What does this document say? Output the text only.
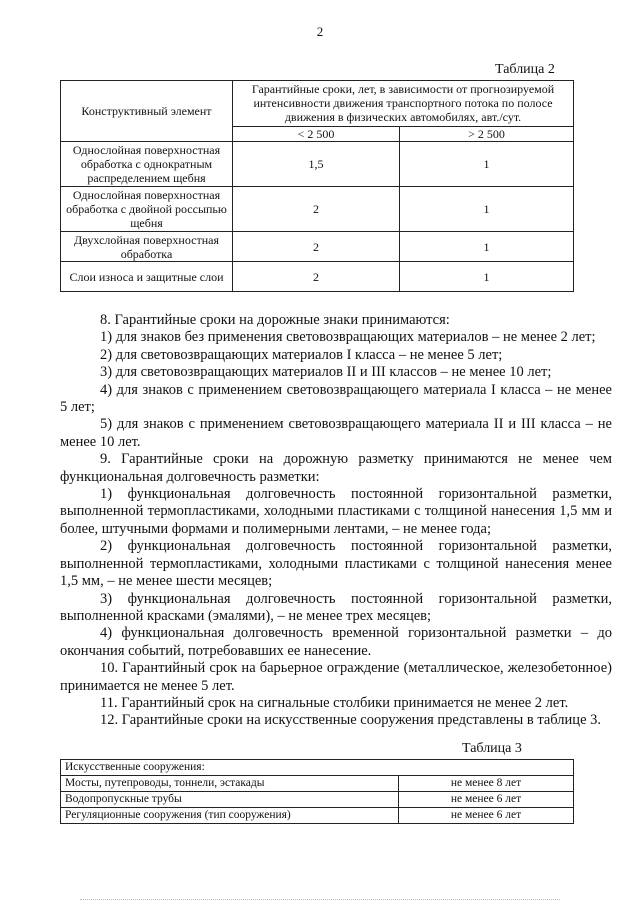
2
Таблица 2
Конструктивный элемент	Гарантийные сроки, лет, в зависимости от прогнозируемой интенсивности движения транспортного потока по полосе движения в физических автомобилях, авт./сут.	
	< 2 500	> 2 500
Однослойная поверхностная обработка с однократным распределением щебня	1,5	1
Однослойная поверхностная обработка с двойной россыпью щебня	2	1
Двухслойная поверхностная обработка	2	1
Слои износа и защитные слои	2	1

8. Гарантийные сроки на дорожные знаки принимаются:

1) для знаков без применения световозвращающих материалов – не менее 2 лет;

2) для световозвращающих материалов I класса – не менее 5 лет;

3) для световозвращающих материалов II и III классов – не менее 10 лет;

4) для знаков с применением световозвращающего материала I класса – не менее 5 лет;

5) для знаков с применением световозвращающего материала II и III класса – не менее 10 лет.

9. Гарантийные сроки на дорожную разметку принимаются не менее чем функциональная долговечность разметки:

1) функциональная долговечность постоянной горизонтальной разметки, выполненной термопластиками, холодными пластиками с толщиной нанесения 1,5 мм и более, штучными формами и полимерными лентами, – не менее года;

2) функциональная долговечность постоянной горизонтальной разметки, выполненной термопластиками, холодными пластиками с толщиной нанесения менее 1,5 мм, – не менее шести месяцев;

3) функциональная долговечность постоянной горизонтальной разметки, выполненной красками (эмалями), – не менее трех месяцев;

4) функциональная долговечность временной горизонтальной разметки – до окончания событий, потребовавших ее нанесение.

10. Гарантийный срок на барьерное ограждение (металлическое, железобетонное) принимается не менее 5 лет.

11. Гарантийный срок на сигнальные столбики принимается не менее 2 лет.

12. Гарантийные сроки на искусственные сооружения представлены в таблице 3.

Таблица 3
Искусственные сооружения:	
Мосты, путепроводы, тоннели, эстакады	не менее 8 лет
Водопропускные трубы	не менее 6 лет
Регуляционные сооружения (тип сооружения)	не менее 6 лет
